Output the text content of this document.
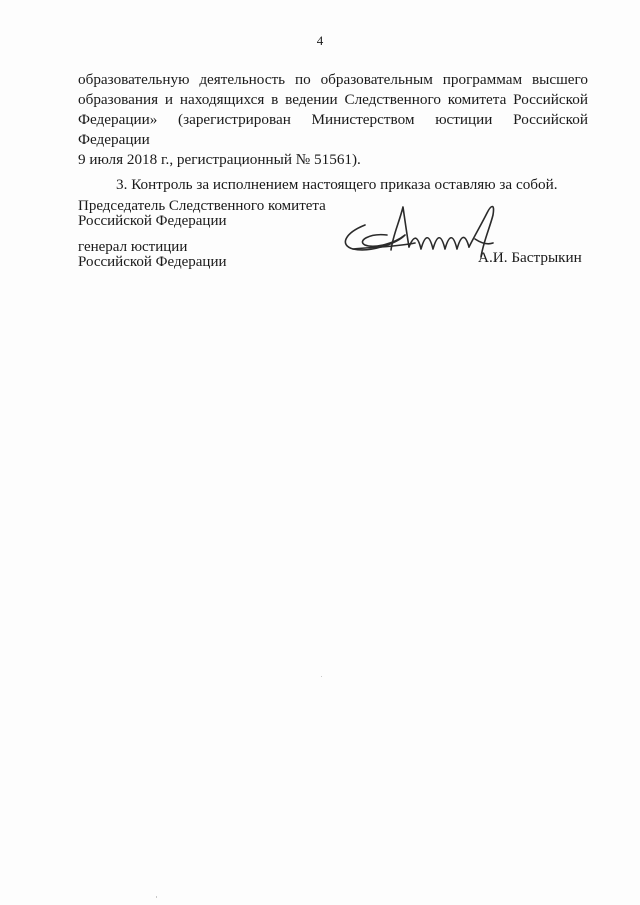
4

образовательную деятельность по образовательным программам высшего
образования и находящихся в ведении Следственного комитета Российской
Федерации» (зарегистрирован Министерством юстиции Российской Федерации
9 июля 2018 г., регистрационный № 51561).

3. Контроль за исполнением настоящего приказа оставляю за собой.

Председатель Следственного комитета
Российской Федерации
генерал юстиции
Российской Федерации	А.И. Бастрыкин
